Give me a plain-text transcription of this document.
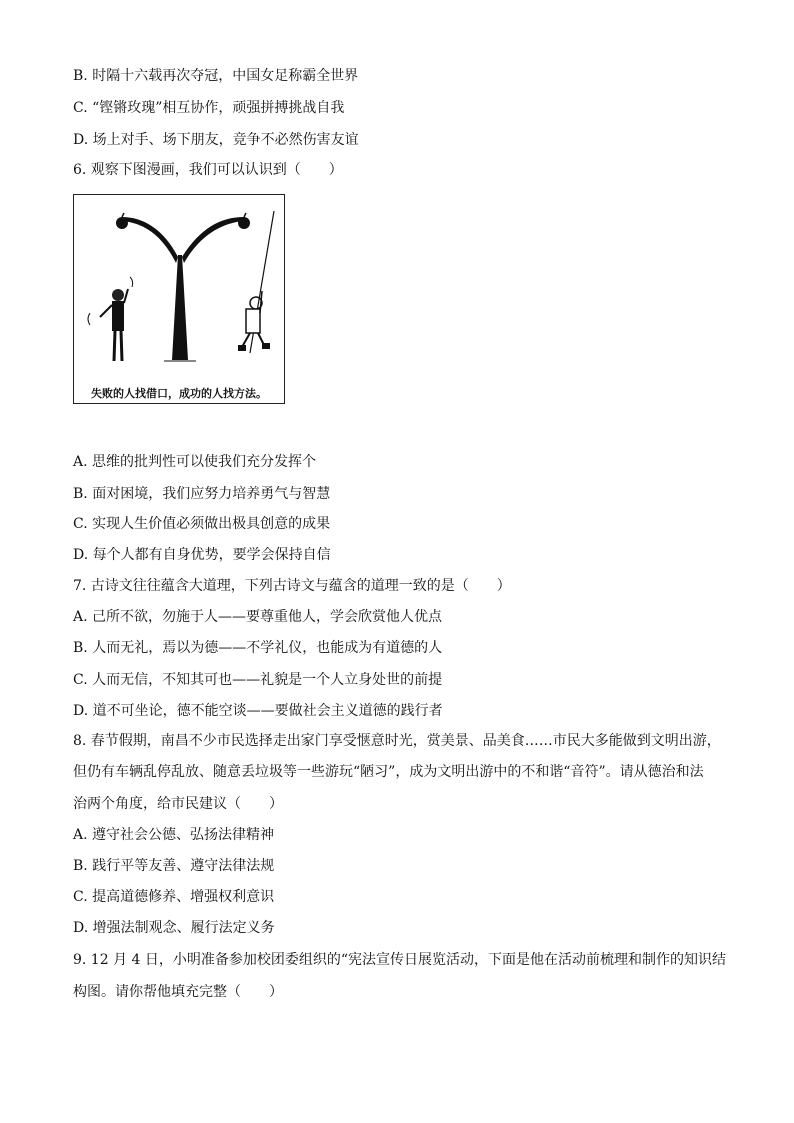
B. 时隔十六载再次夺冠，中国女足称霸全世界
C. “铿锵玫瑰”相互协作，顽强拼搏挑战自我
D. 场上对手、场下朋友，竞争不必然伤害友谊
6. 观察下图漫画，我们可以认识到（　　）
失败的人找借口，成功的人找方法。
A. 思维的批判性可以使我们充分发挥个
B. 面对困境，我们应努力培养勇气与智慧
C. 实现人生价值必须做出极具创意的成果
D. 每个人都有自身优势，要学会保持自信
7. 古诗文往往蕴含大道理，下列古诗文与蕴含的道理一致的是（　　）
A. 己所不欲，勿施于人——要尊重他人，学会欣赏他人优点
B. 人而无礼，焉以为德——不学礼仪，也能成为有道德的人
C. 人而无信，不知其可也——礼貌是一个人立身处世的前提
D. 道不可坐论，德不能空谈——要做社会主义道德的践行者
8. 春节假期，南昌不少市民选择走出家门享受惬意时光，赏美景、品美食……市民大多能做到文明出游，
但仍有车辆乱停乱放、随意丢垃圾等一些游玩“陋习”，成为文明出游中的不和谐“音符”。请从德治和法
治两个角度，给市民建议（　　）
A. 遵守社会公德、弘扬法律精神
B. 践行平等友善、遵守法律法规
C. 提高道德修养、增强权利意识
D. 增强法制观念、履行法定义务
9. 12 月 4 日，小明准备参加校团委组织的“宪法宣传日展览活动，下面是他在活动前梳理和制作的知识结
构图。请你帮他填充完整（　　）
